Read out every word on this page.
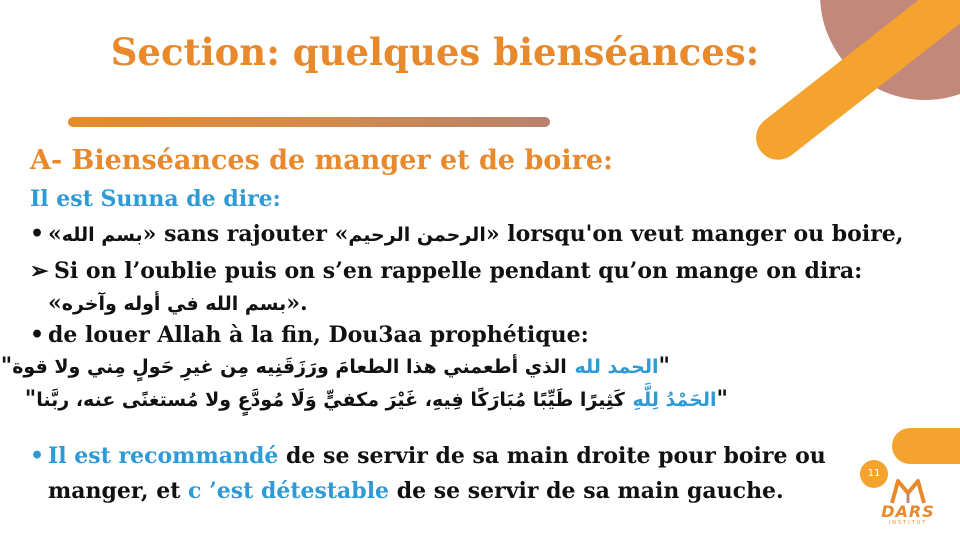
Section: quelques bienséances:
A- Bienséances de manger et de boire:
Il est Sunna de dire:
• «بسم الله» sans rajouter «الرحمن الرحيم» lorsqu'on veut manger ou boire,
➢ Si on l’oublie puis on s’en rappelle pendant qu’on mange on dira:
«بسم الله في أوله وآخره».
• de louer Allah à la fin, Dou3aa prophétique:
"الحمد لله الذي أطعمني هذا الطعامَ ورَزَقَنِيه مِن غيرِ حَولٍ مِني ولا قوة"
"الحَمْدُ لِلَّهِ كَثِيرًا طَيِّبًا مُبَارَكًا فِيهِ، غَيْرَ مكفيٍّ وَلَا مُودَّعٍ ولا مُستغنًى عنه، ربَّنا"
• Il est recommandé de se servir de sa main droite pour boire ou
manger, et c ’est détestable de se servir de sa main gauche.
11
DARS
INSTITUT
